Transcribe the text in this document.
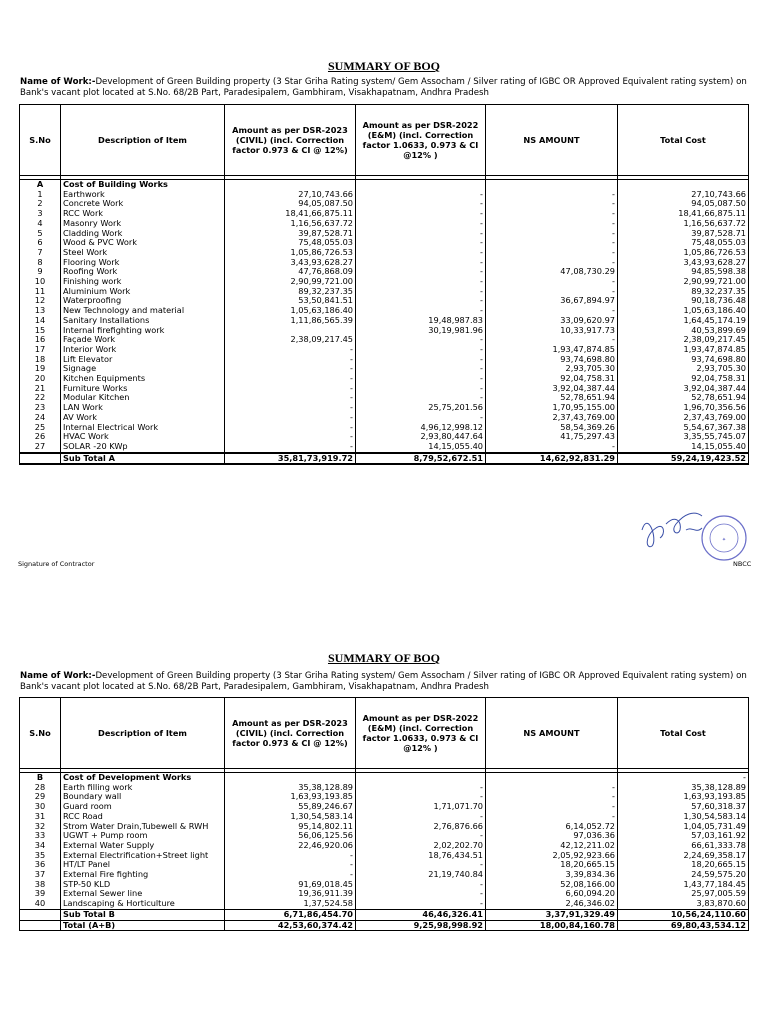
SUMMARY OF BOQ
Name of Work:-Development of Green Building property (3 Star Griha Rating system/ Gem Assocham / Silver rating of IGBC OR Approved Equivalent rating system) on Bank's vacant plot located at S.No. 68/2B Part, Paradesipalem, Gambhiram, Visakhapatnam, Andhra Pradesh
S.No	Description of Item	Amount as per DSR-2023 (CIVIL) (incl. Correction factor 0.973 & CI @ 12%)	Amount as per DSR-2022 (E&M) (incl. Correction factor 1.0633, 0.973 & CI @12% )	NS AMOUNT	Total Cost

A	Cost of Building Works				
1	Earthwork	27,10,743.66	-	-	27,10,743.66
2	Concrete Work	94,05,087.50	-	-	94,05,087.50
3	RCC Work	18,41,66,875.11	-	-	18,41,66,875.11
4	Masonry Work	1,16,56,637.72	-	-	1,16,56,637.72
5	Cladding Work	39,87,528.71	-	-	39,87,528.71
6	Wood & PVC Work	75,48,055.03	-	-	75,48,055.03
7	Steel Work	1,05,86,726.53	-	-	1,05,86,726.53
8	Flooring Work	3,43,93,628.27	-	-	3,43,93,628.27
9	Roofing Work	47,76,868.09	-	47,08,730.29	94,85,598.38
10	Finishing work	2,90,99,721.00	-	-	2,90,99,721.00
11	Aluminium Work	89,32,237.35	-	-	89,32,237.35
12	Waterproofing	53,50,841.51	-	36,67,894.97	90,18,736.48
13	New Technology and material	1,05,63,186.40	-	-	1,05,63,186.40
14	Sanitary Installations	1,11,86,565.39	19,48,987.83	33,09,620.97	1,64,45,174.19
15	Internal firefighting work		30,19,981.96	10,33,917.73	40,53,899.69
16	Façade Work	2,38,09,217.45	-	-	2,38,09,217.45
17	Interior Work	-	-	1,93,47,874.85	1,93,47,874.85
18	Lift Elevator	-	-	93,74,698.80	93,74,698.80
19	Signage	-	-	2,93,705.30	2,93,705.30
20	Kitchen Equipments	-	-	92,04,758.31	92,04,758.31
21	Furniture Works	-	-	3,92,04,387.44	3,92,04,387.44
22	Modular Kitchen	-	-	52,78,651.94	52,78,651.94
23	LAN Work	-	25,75,201.56	1,70,95,155.00	1,96,70,356.56
24	AV Work	-	-	2,37,43,769.00	2,37,43,769.00
25	Internal Electrical Work	-	4,96,12,998.12	58,54,369.26	5,54,67,367.38
26	HVAC Work	-	2,93,80,447.64	41,75,297.43	3,35,55,745.07
27	SOLAR -20 KWp	-	14,15,055.40	-	14,15,055.40
	Sub Total A	35,81,73,919.72	8,79,52,672.51	14,62,92,831.29	59,24,19,423.52
Signature of Contractor	NBCC
✦
SUMMARY OF BOQ
Name of Work:-Development of Green Building property (3 Star Griha Rating system/ Gem Assocham / Silver rating of IGBC OR Approved Equivalent rating system) on Bank's vacant plot located at S.No. 68/2B Part, Paradesipalem, Gambhiram, Visakhapatnam, Andhra Pradesh
S.No	Description of Item	Amount as per DSR-2023 (CIVIL) (incl. Correction factor 0.973 & CI @ 12%)	Amount as per DSR-2022 (E&M) (incl. Correction factor 1.0633, 0.973 & CI @12% )	NS AMOUNT	Total Cost

B	Cost of Development Works				-
28	Earth filling work	35,38,128.89	-	-	35,38,128.89
29	Boundary wall	1,63,93,193.85	-	-	1,63,93,193.85
30	Guard room	55,89,246.67	1,71,071.70	-	57,60,318.37
31	RCC Road	1,30,54,583.14	-	-	1,30,54,583.14
32	Strom Water Drain,Tubewell & RWH	95,14,802.11	2,76,876.66	6,14,052.72	1,04,05,731.49
33	UGWT + Pump room	56,06,125.56	-	97,036.36	57,03,161.92
34	External Water Supply	22,46,920.06	2,02,202.70	42,12,211.02	66,61,333.78
35	External Electrification+Street light	-	18,76,434.51	2,05,92,923.66	2,24,69,358.17
36	HT/LT Panel	-	-	18,20,665.15	18,20,665.15
37	External Fire fighting	-	21,19,740.84	3,39,834.36	24,59,575.20
38	STP-50 KLD	91,69,018.45	-	52,08,166.00	1,43,77,184.45
39	External Sewer line	19,36,911.39	-	6,60,094.20	25,97,005.59
40	Landscaping & Horticulture	1,37,524.58	-	2,46,346.02	3,83,870.60
	Sub Total B	6,71,86,454.70	46,46,326.41	3,37,91,329.49	10,56,24,110.60
	Total (A+B)	42,53,60,374.42	9,25,98,998.92	18,00,84,160.78	69,80,43,534.12
